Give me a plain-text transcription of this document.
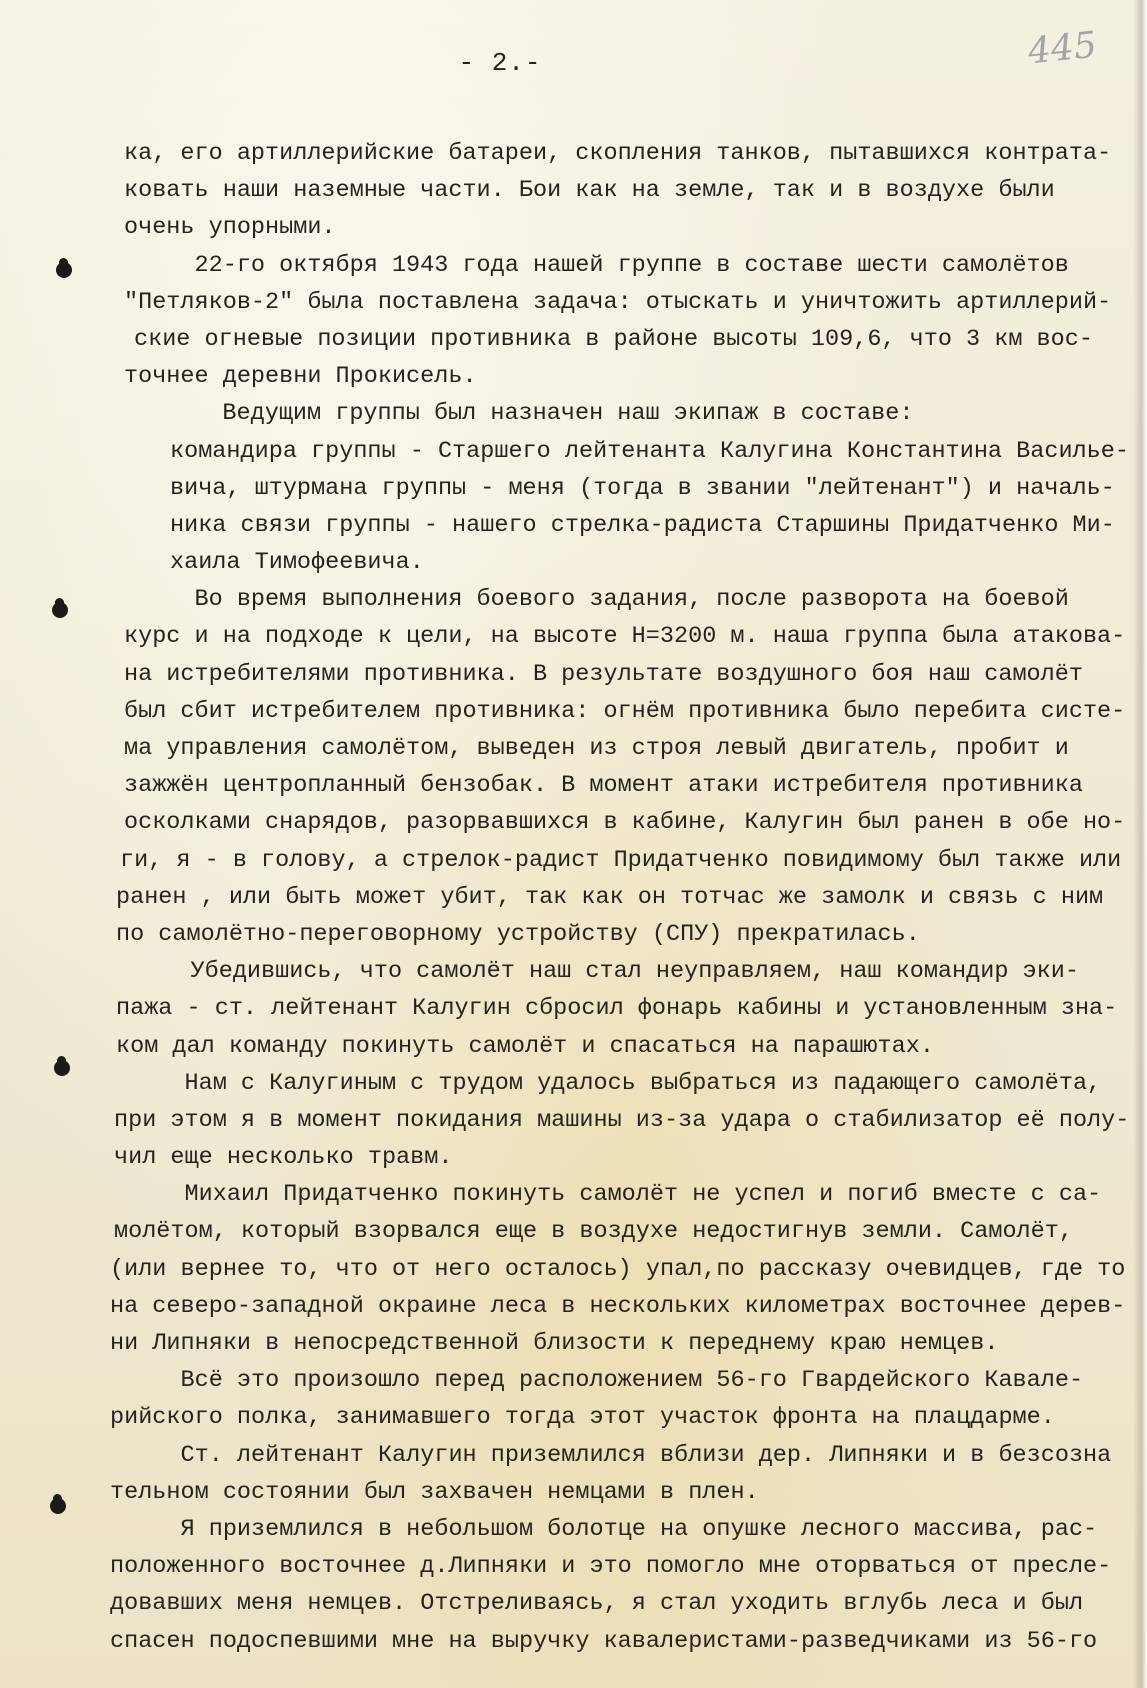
- 2.-	445
ка, его артиллерийские батареи, скопления танков, пытавшихся контрата-
ковать наши наземные части. Бои как на земле, так и в воздухе были
очень упорными.
22-го октября 1943 года нашей группе в составе шести самолётов
"Петляков-2" была поставлена задача: отыскать и уничтожить артиллерий-
ские огневые позиции противника в районе высоты 109,6, что 3 км вос-
точнее деревни Прокисель.
Ведущим группы был назначен наш экипаж в составе:
командира группы - Старшего лейтенанта Калугина Константина Василье-
вича, штурмана группы - меня (тогда в звании "лейтенант") и началь-
ника связи группы - нашего стрелка-радиста Старшины Придатченко Ми-
хаила Тимофеевича.
Во время выполнения боевого задания, после разворота на боевой
курс и на подходе к цели, на высоте Н=3200 м. наша группа была атакова-
на истребителями противника. В результате воздушного боя наш самолёт
был сбит истребителем противника: огнём противника было перебита систе-
ма управления самолётом, выведен из строя левый двигатель, пробит и
зажжён центропланный бензобак. В момент атаки истребителя противника
осколками снарядов, разорвавшихся в кабине, Калугин был ранен в обе но-
ги, я - в голову, а стрелок-радист Придатченко повидимому был также или
ранен , или быть может убит, так как он тотчас же замолк и связь с ним
по самолётно-переговорному устройству (СПУ) прекратилась.
Убедившись, что самолёт наш стал неуправляем, наш командир эки-
пажа - ст. лейтенант Калугин сбросил фонарь кабины и установленным зна-
ком дал команду покинуть самолёт и спасаться на парашютах.
Нам с Калугиным с трудом удалось выбраться из падающего самолёта,
при этом я в момент покидания машины из-за удара о стабилизатор её полу-
чил еще несколько травм.
Михаил Придатченко покинуть самолёт не успел и погиб вместе с са-
молётом, который взорвался еще в воздухе недостигнув земли. Самолёт,
(или вернее то, что от него осталось) упал,по рассказу очевидцев, где то
на северо-западной окраине леса в нескольких километрах восточнее дерев-
ни Липняки в непосредственной близости к переднему краю немцев.
Всё это произошло перед расположением 56-го Гвардейского Кавале-
рийского полка, занимавшего тогда этот участок фронта на плацдарме.
Ст. лейтенант Калугин приземлился вблизи дер. Липняки и в безсозна
тельном состоянии был захвачен немцами в плен.
Я приземлился в небольшом болотце на опушке лесного массива, рас-
положенного восточнее д.Липняки и это помогло мне оторваться от пресле-
довавших меня немцев. Отстреливаясь, я стал уходить вглубь леса и был
спасен подоспевшими мне на выручку кавалеристами-разведчиками из 56-го
